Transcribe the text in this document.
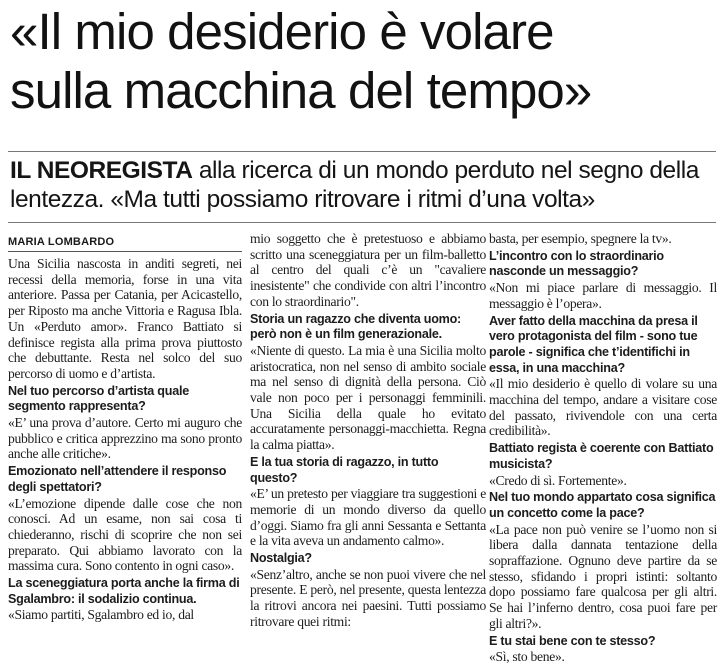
«Il mio desiderio è volare
sulla macchina del tempo»

IL NEOREGISTA alla ricerca di un mondo perduto nel segno della lentezza. «Ma tutti possiamo ritrovare i ritmi d’una volta»

MARIA LOMBARDO

Una Sicilia nascosta in anditi segreti, nei recessi della memoria, forse in una vita anteriore. Passa per Catania, per Acicastello, per Riposto ma anche Vittoria e Ragusa Ibla. Un «Perduto amor». Franco Battiato si definisce regista alla prima prova piuttosto che debuttante. Resta nel solco del suo percorso di uomo e d’artista.

Nel tuo percorso d’artista quale segmento rappresenta?

«E’ una prova d’autore. Certo mi auguro che pubblico e critica apprezzino ma sono pronto anche alle critiche».

Emozionato nell’attendere il responso degli spettatori?

«L’emozione dipende dalle cose che non conosci. Ad un esame, non sai cosa ti chiederanno, rischi di scoprire che non sei preparato. Qui abbiamo lavorato con la massima cura. Sono contento in ogni caso».

La sceneggiatura porta anche la firma di Sgalambro: il sodalizio continua.

«Siamo partiti, Sgalambro ed io, dal

mio soggetto che è pretestuoso e abbiamo scritto una sceneggiatura per un film-balletto al centro del quali c’è un "cavaliere inesistente" che condivide con altri l’incontro con lo straordinario".

Storia un ragazzo che diventa uomo: però non è un film generazionale.

«Niente di questo. La mia è una Sicilia molto aristocratica, non nel senso di ambito sociale ma nel senso di dignità della persona. Ciò vale non poco per i personaggi femminili. Una Sicilia della quale ho evitato accuratamente personaggi-macchietta. Regna la calma piatta».

E la tua storia di ragazzo, in tutto questo?

«E’ un pretesto per viaggiare tra suggestioni e memorie di un mondo diverso da quello d’oggi. Siamo fra gli anni Sessanta e Settanta e la vita aveva un andamento calmo».

Nostalgia?

«Senz’altro, anche se non puoi vivere che nel presente. E però, nel presente, questa lentezza la ritrovi ancora nei paesini. Tutti possiamo ritrovare quei ritmi:

basta, per esempio, spegnere la tv».

L’incontro con lo straordinario nasconde un messaggio?

«Non mi piace parlare di messaggio. Il messaggio è l’opera».

Aver fatto della macchina da presa il vero protagonista del film - sono tue parole - significa che t’identifichi in essa, in una macchina?

«Il mio desiderio è quello di volare su una macchina del tempo, andare a visitare cose del passato, rivivendole con una certa credibilità».

Battiato regista è coerente con Battiato musicista?

«Credo di sì. Fortemente».

Nel tuo mondo appartato cosa significa un concetto come la pace?

«La pace non può venire se l’uomo non si libera dalla dannata tentazione della sopraffazione. Ognuno deve partire da se stesso, sfidando i propri istinti: soltanto dopo possiamo fare qualcosa per gli altri. Se hai l’inferno dentro, cosa puoi fare per gli altri?».

E tu stai bene con te stesso?

«Sì, sto bene».
